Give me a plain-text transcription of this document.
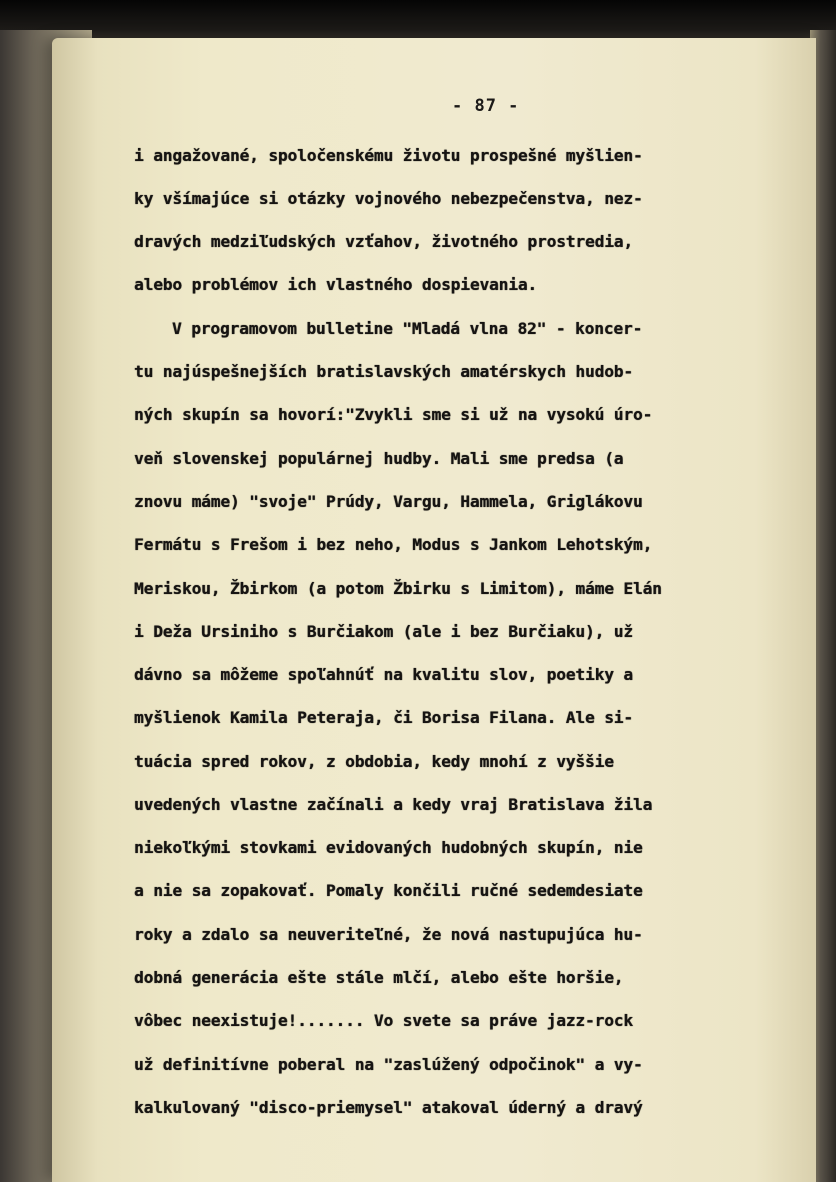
- 87 -
i angažované, spoločenskému životu prospešné myšlien-
ky všímajúce si otázky vojnového nebezpečenstva, nez-
dravých medziľudských vzťahov, životného prostredia,
alebo problémov ich vlastného dospievania.
V programovom bulletine "Mladá vlna 82" - koncer-
tu najúspešnejších bratislavských amatérskych hudob-
ných skupín sa hovorí:"Zvykli sme si už na vysokú úro-
veň slovenskej populárnej hudby. Mali sme predsa (a
znovu máme) "svoje" Prúdy, Vargu, Hammela, Griglákovu
Fermátu s Frešom i bez neho, Modus s Jankom Lehotským,
Meriskou, Žbirkom (a potom Žbirku s Limitom), máme Elán
i Deža Ursiniho s Burčiakom (ale i bez Burčiaku), už
dávno sa môžeme spoľahnúť na kvalitu slov, poetiky a
myšlienok Kamila Peteraja, či Borisa Filana. Ale si-
tuácia spred rokov, z obdobia, kedy mnohí z vyššie
uvedených vlastne začínali a kedy vraj Bratislava žila
niekoľkými stovkami evidovaných hudobných skupín, nie
a nie sa zopakovať. Pomaly končili ručné sedemdesiate
roky a zdalo sa neuveriteľné, že nová nastupujúca hu-
dobná generácia ešte stále mlčí, alebo ešte horšie,
vôbec neexistuje!....... Vo svete sa práve jazz-rock
už definitívne poberal na "zaslúžený odpočinok" a vy-
kalkulovaný "disco-priemysel" atakoval úderný a dravý
